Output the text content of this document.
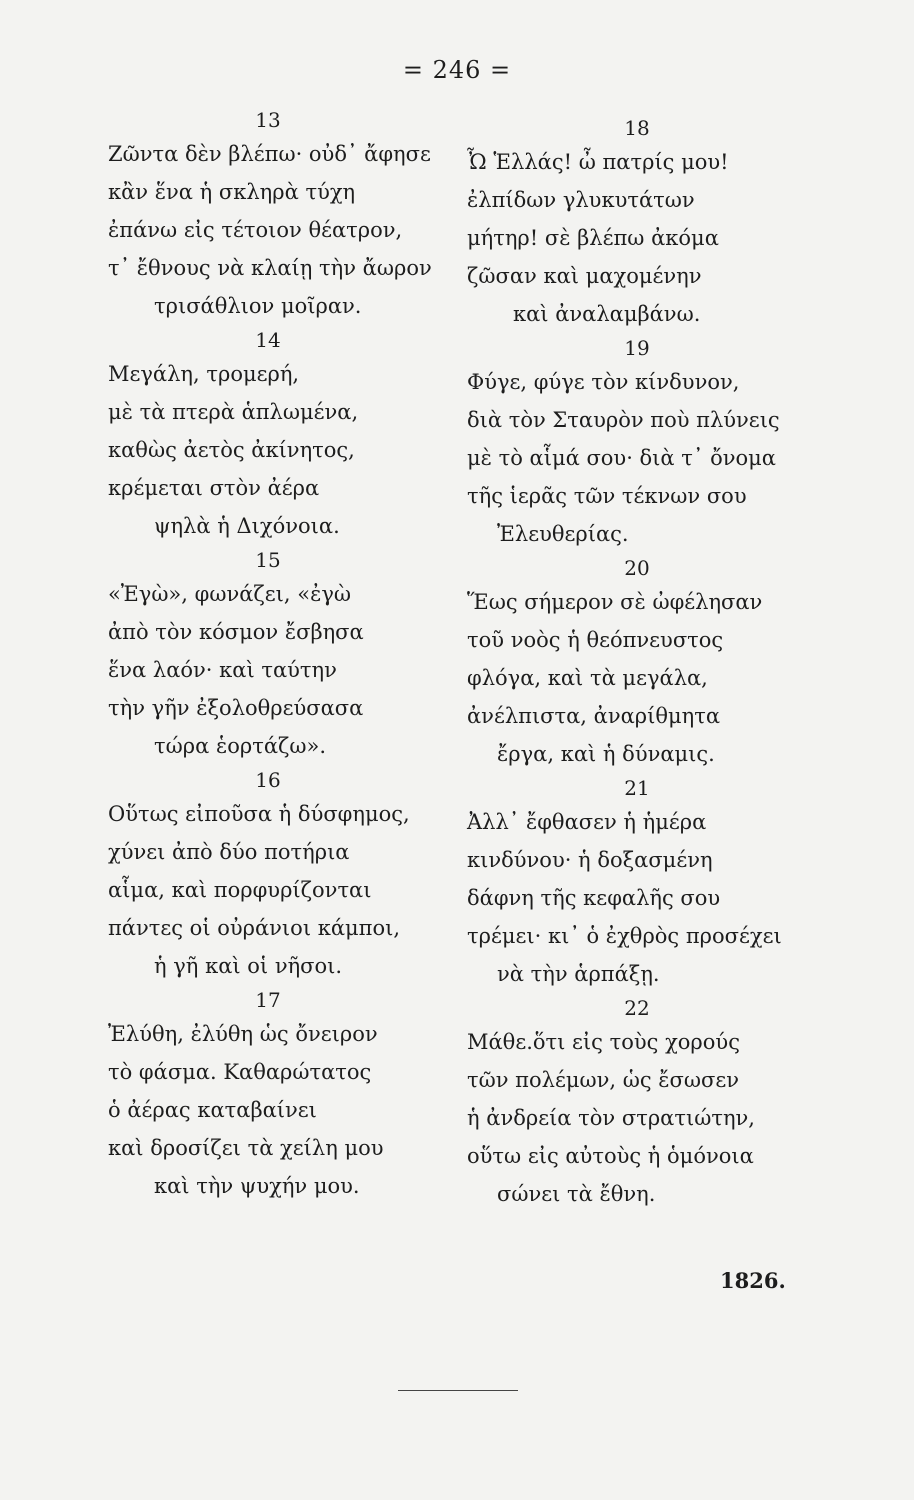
= 246 =
13
Ζῶντα δὲν βλέπω· οὐδ᾽ ἄφησε
κἂν ἕνα ἡ σκληρὰ τύχη
ἐπάνω εἰς τέτοιον θέατρον,
τ᾽ ἔθνους νὰ κλαίῃ τὴν ἄωρον
τρισάθλιον μοῖραν.
14
Μεγάλη, τρομερή,
μὲ τὰ πτερὰ ἁπλωμένα,
καθὼς ἀετὸς ἀκίνητος,
κρέμεται στὸν ἀέρα
ψηλὰ ἡ Διχόνοια.
15
«Ἐγὼ», φωνάζει, «ἐγὼ
ἀπὸ τὸν κόσμον ἔσβησα
ἕνα λαόν· καὶ ταύτην
τὴν γῆν ἐξολοθρεύσασα
τώρα ἑορτάζω».
16
Οὕτως εἰποῦσα ἡ δύσφημος,
χύνει ἀπὸ δύο ποτήρια
αἷμα, καὶ πορφυρίζονται
πάντες οἱ οὐράνιοι κάμποι,
ἡ γῆ καὶ οἱ νῆσοι.
17
Ἐλύθη, ἐλύθη ὡς ὄνειρον
τὸ φάσμα. Καθαρώτατος
ὁ ἀέρας καταβαίνει
καὶ δροσίζει τὰ χείλη μου
καὶ τὴν ψυχήν μου.
18
Ὦ Ἑλλάς! ὦ πατρίς μου!
ἐλπίδων γλυκυτάτων
μήτηρ! σὲ βλέπω ἀκόμα
ζῶσαν καὶ μαχομένην
καὶ ἀναλαμβάνω.
19
Φύγε, φύγε τὸν κίνδυνον,
διὰ τὸν Σταυρὸν ποὺ πλύνεις
μὲ τὸ αἷμά σου· διὰ τ᾽ ὄνομα
τῆς ἱερᾶς τῶν τέκνων σου
Ἐλευθερίας.
20
Ἕως σήμερον σὲ ὠφέλησαν
τοῦ νοὸς ἡ θεόπνευστος
φλόγα, καὶ τὰ μεγάλα,
ἀνέλπιστα, ἀναρίθμητα
ἔργα, καὶ ἡ δύναμις.
21
Ἀλλ᾽ ἔφθασεν ἡ ἡμέρα
κινδύνου· ἡ δοξασμένη
δάφνη τῆς κεφαλῆς σου
τρέμει· κι᾽ ὁ ἐχθρὸς προσέχει
νὰ τὴν ἁρπάξῃ.
22
Μάθε.ὅτι εἰς τοὺς χορούς
τῶν πολέμων, ὡς ἔσωσεν
ἡ ἀνδρεία τὸν στρατιώτην,
οὕτω εἰς αὐτοὺς ἡ ὁμόνοια
σώνει τὰ ἔθνη.
1826.
